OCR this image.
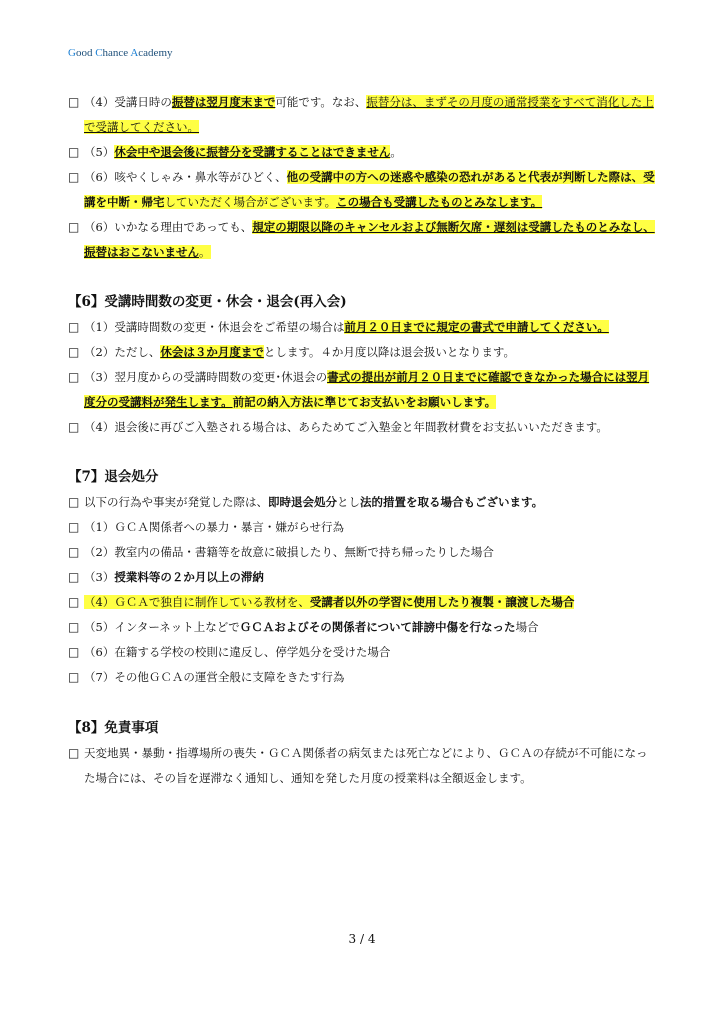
Good Chance Academy
□ （4）受講日時の振替は翌月度末まで可能です。なお、振替分は、まずその月度の通常授業をすべて消化した上で受講してください。
□ （5）休会中や退会後に振替分を受講することはできません。
□ （6）咳やくしゃみ・鼻水等がひどく、他の受講中の方への迷惑や感染の恐れがあると代表が判断した際は、受講を中断・帰宅していただく場合がございます。この場合も受講したものとみなします。
□ （6）いかなる理由であっても、規定の期限以降のキャンセルおよび無断欠席・遅刻は受講したものとみなし、振替はおこないません。
【6】受講時間数の変更・休会・退会(再入会)
□ （1）受講時間数の変更・休退会をご希望の場合は前月２０日までに規定の書式で申請してください。
□ （2）ただし、休会は３か月度までとします。４か月度以降は退会扱いとなります。
□ （3）翌月度からの受講時間数の変更･休退会の書式の提出が前月２０日までに確認できなかった場合には翌月度分の受講料が発生します。前記の納入方法に準じてお支払いをお願いします。
□ （4）退会後に再びご入塾される場合は、あらためてご入塾金と年間教材費をお支払いいただきます。
【7】退会処分
□ 以下の行為や事実が発覚した際は、即時退会処分とし法的措置を取る場合もございます。
□ （1）ＧＣＡ関係者への暴力・暴言・嫌がらせ行為
□ （2）教室内の備品・書籍等を故意に破損したり、無断で持ち帰ったりした場合
□ （3）授業料等の２か月以上の滞納
□ （4）ＧＣＡで独自に制作している教材を、受講者以外の学習に使用したり複製・譲渡した場合
□ （5）インターネット上などでＧＣＡおよびその関係者について誹謗中傷を行なった場合
□ （6）在籍する学校の校則に違反し、停学処分を受けた場合
□ （7）その他ＧＣＡの運営全般に支障をきたす行為
【8】免責事項
□ 天変地異・暴動・指導場所の喪失・ＧＣＡ関係者の病気または死亡などにより、ＧＣＡの存続が不可能になった場合には、その旨を遅滞なく通知し、通知を発した月度の授業料は全額返金します。
3 / 4
